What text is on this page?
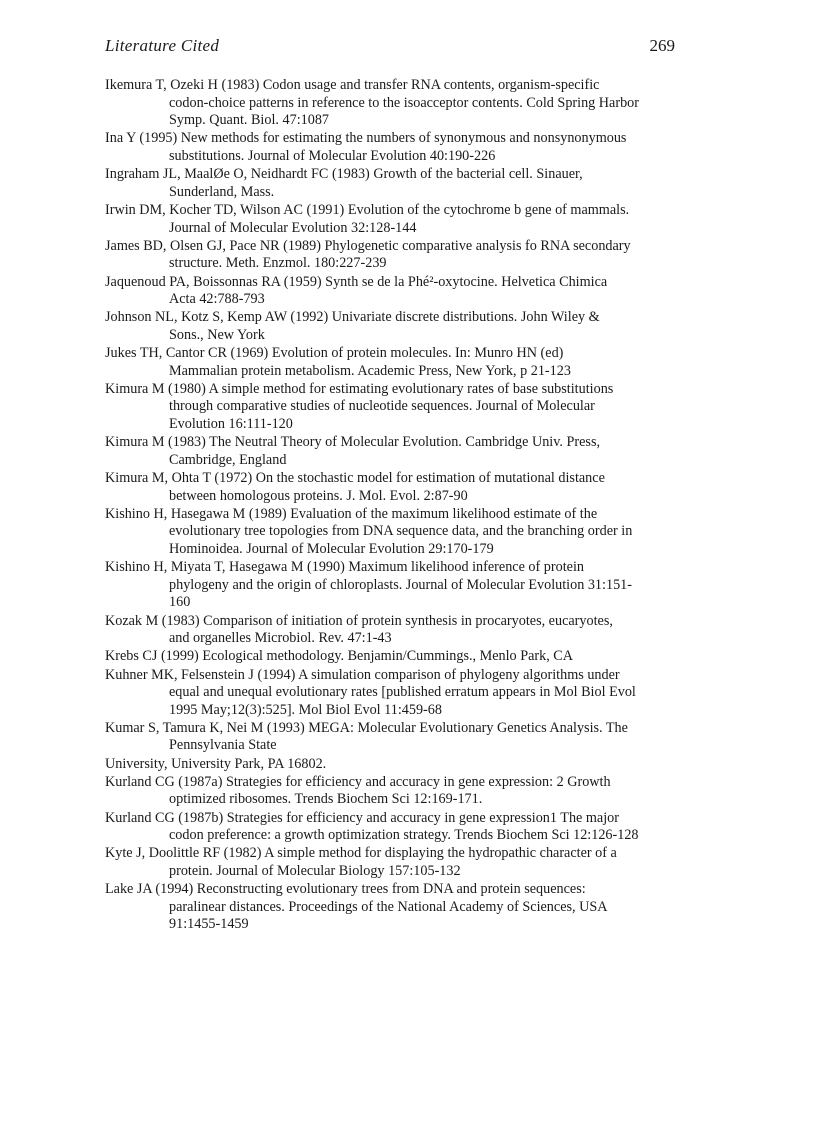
Literature Cited	269
Ikemura T, Ozeki H (1983) Codon usage and transfer RNA contents, organism-specific
codon-choice patterns in reference to the isoacceptor contents. Cold Spring Harbor
Symp. Quant. Biol. 47:1087
Ina Y (1995) New methods for estimating the numbers of synonymous and nonsynonymous
substitutions. Journal of Molecular Evolution 40:190-226
Ingraham JL, MaalØe O, Neidhardt FC (1983) Growth of the bacterial cell. Sinauer,
Sunderland, Mass.
Irwin DM, Kocher TD, Wilson AC (1991) Evolution of the cytochrome b gene of mammals.
Journal of Molecular Evolution 32:128-144
James BD, Olsen GJ, Pace NR (1989) Phylogenetic comparative analysis fo RNA secondary
structure. Meth. Enzmol. 180:227-239
Jaquenoud PA, Boissonnas RA (1959) Synth se de la Phé²-oxytocine. Helvetica Chimica
Acta 42:788-793
Johnson NL, Kotz S, Kemp AW (1992) Univariate discrete distributions. John Wiley &
Sons., New York
Jukes TH, Cantor CR (1969) Evolution of protein molecules. In: Munro HN (ed)
Mammalian protein metabolism. Academic Press, New York, p 21-123
Kimura M (1980) A simple method for estimating evolutionary rates of base substitutions
through comparative studies of nucleotide sequences. Journal of Molecular
Evolution 16:111-120
Kimura M (1983) The Neutral Theory of Molecular Evolution. Cambridge Univ. Press,
Cambridge, England
Kimura M, Ohta T (1972) On the stochastic model for estimation of mutational distance
between homologous proteins. J. Mol. Evol. 2:87-90
Kishino H, Hasegawa M (1989) Evaluation of the maximum likelihood estimate of the
evolutionary tree topologies from DNA sequence data, and the branching order in
Hominoidea. Journal of Molecular Evolution 29:170-179
Kishino H, Miyata T, Hasegawa M (1990) Maximum likelihood inference of protein
phylogeny and the origin of chloroplasts. Journal of Molecular Evolution 31:151-
160
Kozak M (1983) Comparison of initiation of protein synthesis in procaryotes, eucaryotes,
and organelles Microbiol. Rev. 47:1-43
Krebs CJ (1999) Ecological methodology. Benjamin/Cummings., Menlo Park, CA
Kuhner MK, Felsenstein J (1994) A simulation comparison of phylogeny algorithms under
equal and unequal evolutionary rates [published erratum appears in Mol Biol Evol
1995 May;12(3):525]. Mol Biol Evol 11:459-68
Kumar S, Tamura K, Nei M (1993) MEGA: Molecular Evolutionary Genetics Analysis. The
Pennsylvania State
University, University Park, PA 16802.
Kurland CG (1987a) Strategies for efficiency and accuracy in gene expression: 2 Growth
optimized ribosomes. Trends Biochem Sci 12:169-171.
Kurland CG (1987b) Strategies for efficiency and accuracy in gene expression1 The major
codon preference: a growth optimization strategy. Trends Biochem Sci 12:126-128
Kyte J, Doolittle RF (1982) A simple method for displaying the hydropathic character of a
protein. Journal of Molecular Biology 157:105-132
Lake JA (1994) Reconstructing evolutionary trees from DNA and protein sequences:
paralinear distances. Proceedings of the National Academy of Sciences, USA
91:1455-1459
